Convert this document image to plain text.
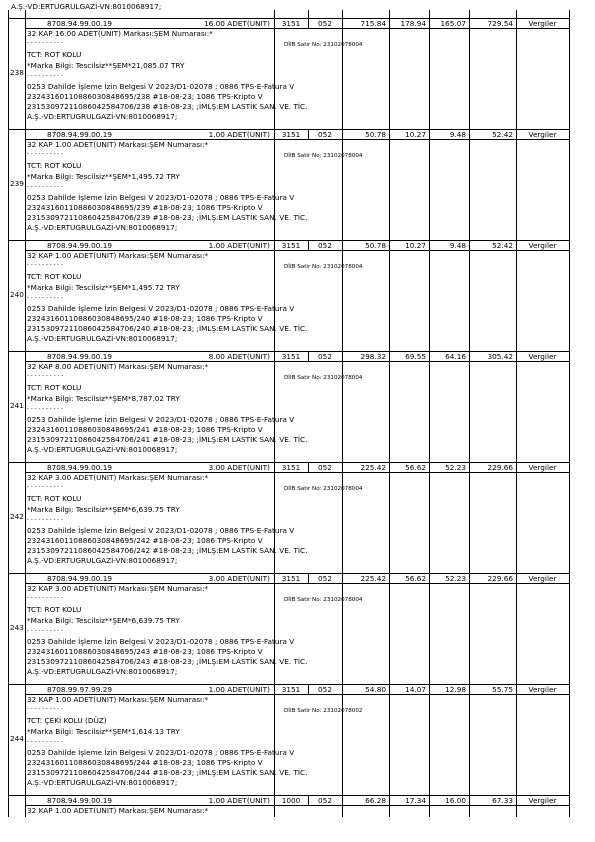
A.Ş.-VD:ERTUGRULGAZİ-VN:8010068917;
8708.94.99.00.19	16.00 ADET(UNIT)	3151	052	715.84	178.94	165.07	729.54	Vergiler
238
32 KAP 16.00 ADET(UNIT) Markası:ŞEM Numarası:*
- - - - - - - - - -
TCT: ROT KOLU
*Marka Bilgi: Tescilsiz**ŞEM*21,085.07 TRY
- - - - - - - - - -
0253 Dahilde İşleme İzin Belgesi V 2023/D1-02078 ; 0886 TPS-E-Fatura V
23243160110886030848695/238 #18-08-23; 1086 TPS-Kripto V
23153097211086042584706/238 #18-08-23; ;İMLŞ:EM LASTİK SAN. VE. TİC.
A.Ş.-VD:ERTUGRULGAZİ-VN:8010068917;
DİIB Satir No: 23102078004
8708.94.99.00.19	1.00 ADET(UNIT)	3151	052	50.78	10.27	9.48	52.42	Vergiler
239
32 KAP 1.00 ADET(UNIT) Markası:ŞEM Numarası:*
- - - - - - - - - -
TCT: ROT KOLU
*Marka Bilgi: Tescilsiz**ŞEM*1,495.72 TRY
- - - - - - - - - -
0253 Dahilde İşleme İzin Belgesi V 2023/D1-02078 ; 0886 TPS-E-Fatura V
23243160110886030848695/239 #18-08-23; 1086 TPS-Kripto V
23153097211086042584706/239 #18-08-23; ;İMLŞ:EM LASTİK SAN. VE. TİC.
A.Ş.-VD:ERTUGRULGAZİ-VN:8010068917;
DİIB Satir No: 23102078004
8708.94.99.00.19	1.00 ADET(UNIT)	3151	052	50.78	10.27	9.48	52.42	Vergiler
240
32 KAP 1.00 ADET(UNIT) Markası:ŞEM Numarası:*
- - - - - - - - - -
TCT: ROT KOLU
*Marka Bilgi: Tescilsiz**ŞEM*1,495.72 TRY
- - - - - - - - - -
0253 Dahilde İşleme İzin Belgesi V 2023/D1-02078 ; 0886 TPS-E-Fatura V
23243160110886030848695/240 #18-08-23; 1086 TPS-Kripto V
23153097211086042584706/240 #18-08-23; ;İMLŞ:EM LASTİK SAN. VE. TİC.
A.Ş.-VD:ERTUGRULGAZİ-VN:8010068917;
DİIB Satir No: 23102078004
8708.94.99.00.19	8.00 ADET(UNIT)	3151	052	298.32	69.55	64.16	305.42	Vergiler
241
32 KAP 8.00 ADET(UNIT) Markası:ŞEM Numarası:*
- - - - - - - - - -
TCT: ROT KOLU
*Marka Bilgi: Tescilsiz**ŞEM*8,787.02 TRY
- - - - - - - - - -
0253 Dahilde İşleme İzin Belgesi V 2023/D1-02078 ; 0886 TPS-E-Fatura V
23243160110886030848695/241 #18-08-23; 1086 TPS-Kripto V
23153097211086042584706/241 #18-08-23; ;İMLŞ:EM LASTİK SAN. VE. TİC.
A.Ş.-VD:ERTUGRULGAZİ-VN:8010068917;
DİIB Satir No: 23102078004
8708.94.99.00.19	3.00 ADET(UNIT)	3151	052	225.42	56.62	52.23	229.66	Vergiler
242
32 KAP 3.00 ADET(UNIT) Markası:ŞEM Numarası:*
- - - - - - - - - -
TCT: ROT KOLU
*Marka Bilgi: Tescilsiz**ŞEM*6,639.75 TRY
- - - - - - - - - -
0253 Dahilde İşleme İzin Belgesi V 2023/D1-02078 ; 0886 TPS-E-Fatura V
23243160110886030848695/242 #18-08-23; 1086 TPS-Kripto V
23153097211086042584706/242 #18-08-23; ;İMLŞ:EM LASTİK SAN. VE. TİC.
A.Ş.-VD:ERTUGRULGAZİ-VN:8010068917;
DİIB Satir No: 23102078004
8708.94.99.00.19	3.00 ADET(UNIT)	3151	052	225.42	56.62	52.23	229.66	Vergiler
243
32 KAP 3.00 ADET(UNIT) Markası:ŞEM Numarası:*
- - - - - - - - - -
TCT: ROT KOLU
*Marka Bilgi: Tescilsiz**ŞEM*6,639.75 TRY
- - - - - - - - - -
0253 Dahilde İşleme İzin Belgesi V 2023/D1-02078 ; 0886 TPS-E-Fatura V
23243160110886030848695/243 #18-08-23; 1086 TPS-Kripto V
23153097211086042584706/243 #18-08-23; ;İMLŞ:EM LASTİK SAN. VE. TİC.
A.Ş.-VD:ERTUGRULGAZİ-VN:8010068917;
DİIB Satir No: 23102078004
8708.99.97.99.29	1.00 ADET(UNIT)	3151	052	54.80	14.07	12.98	55.75	Vergiler
244
32 KAP 1.00 ADET(UNIT) Markası:ŞEM Numarası:*
- - - - - - - - - -
TCT: ÇEKİ KOLU (DÜZ)
*Marka Bilgi: Tescilsiz**ŞEM*1,614.13 TRY
- - - - - - - - - -
0253 Dahilde İşleme İzin Belgesi V 2023/D1-02078 ; 0886 TPS-E-Fatura V
23243160110886030848695/244 #18-08-23; 1086 TPS-Kripto V
23153097211086042584706/244 #18-08-23; ;İMLŞ:EM LASTİK SAN. VE. TİC.
A.Ş.-VD:ERTUGRULGAZİ-VN:8010068917;
DİIB Satir No: 23102078002
8708.94.99.00.19	1.00 ADET(UNIT)	1000	052	66.28	17.34	16.00	67.33	Vergiler
32 KAP 1.00 ADET(UNIT) Markası:ŞEM Numarası:*
